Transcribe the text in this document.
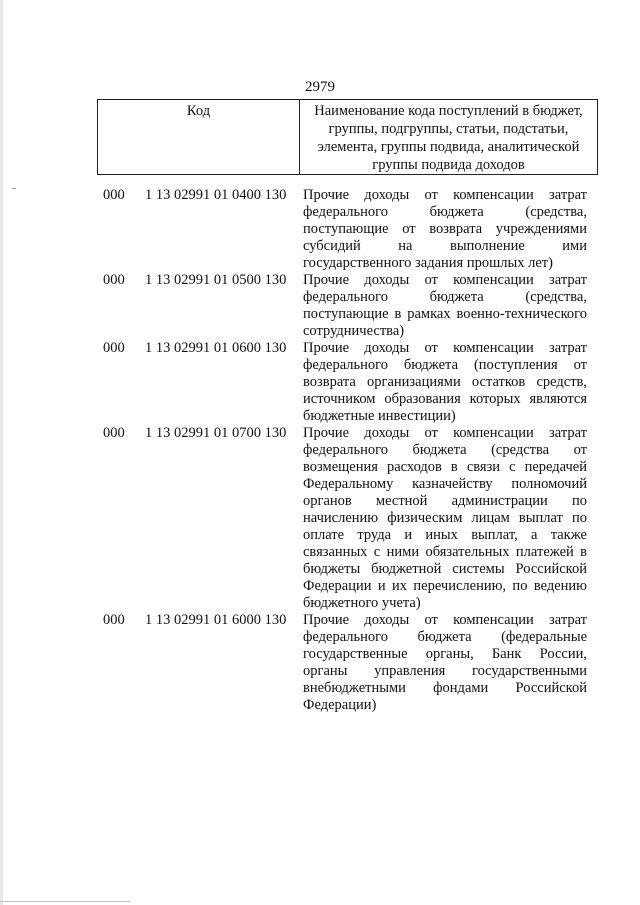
2979
Код	Наименование кода поступлений в бюджет,
группы, подгруппы, статьи, подстатьи,
элемента, группы подвида, аналитической
группы подвида доходов
000	1 13 02991 01 0400 130	Прочие доходы от компенсации затрат
федерального бюджета (средства,
поступающие от возврата учреждениями
субсидий на выполнение ими
государственного задания прошлых лет)
000	1 13 02991 01 0500 130	Прочие доходы от компенсации затрат
федерального бюджета (средства,
поступающие в рамках военно-технического
сотрудничества)
000	1 13 02991 01 0600 130	Прочие доходы от компенсации затрат
федерального бюджета (поступления от
возврата организациями остатков средств,
источником образования которых являются
бюджетные инвестиции)
000	1 13 02991 01 0700 130	Прочие доходы от компенсации затрат
федерального бюджета (средства от
возмещения расходов в связи с передачей
Федеральному казначейству полномочий
органов местной администрации по
начислению физическим лицам выплат по
оплате труда и иных выплат, а также
связанных с ними обязательных платежей в
бюджеты бюджетной системы Российской
Федерации и их перечислению, по ведению
бюджетного учета)
000	1 13 02991 01 6000 130	Прочие доходы от компенсации затрат
федерального бюджета (федеральные
государственные органы, Банк России,
органы управления государственными
внебюджетными фондами Российской
Федерации)
